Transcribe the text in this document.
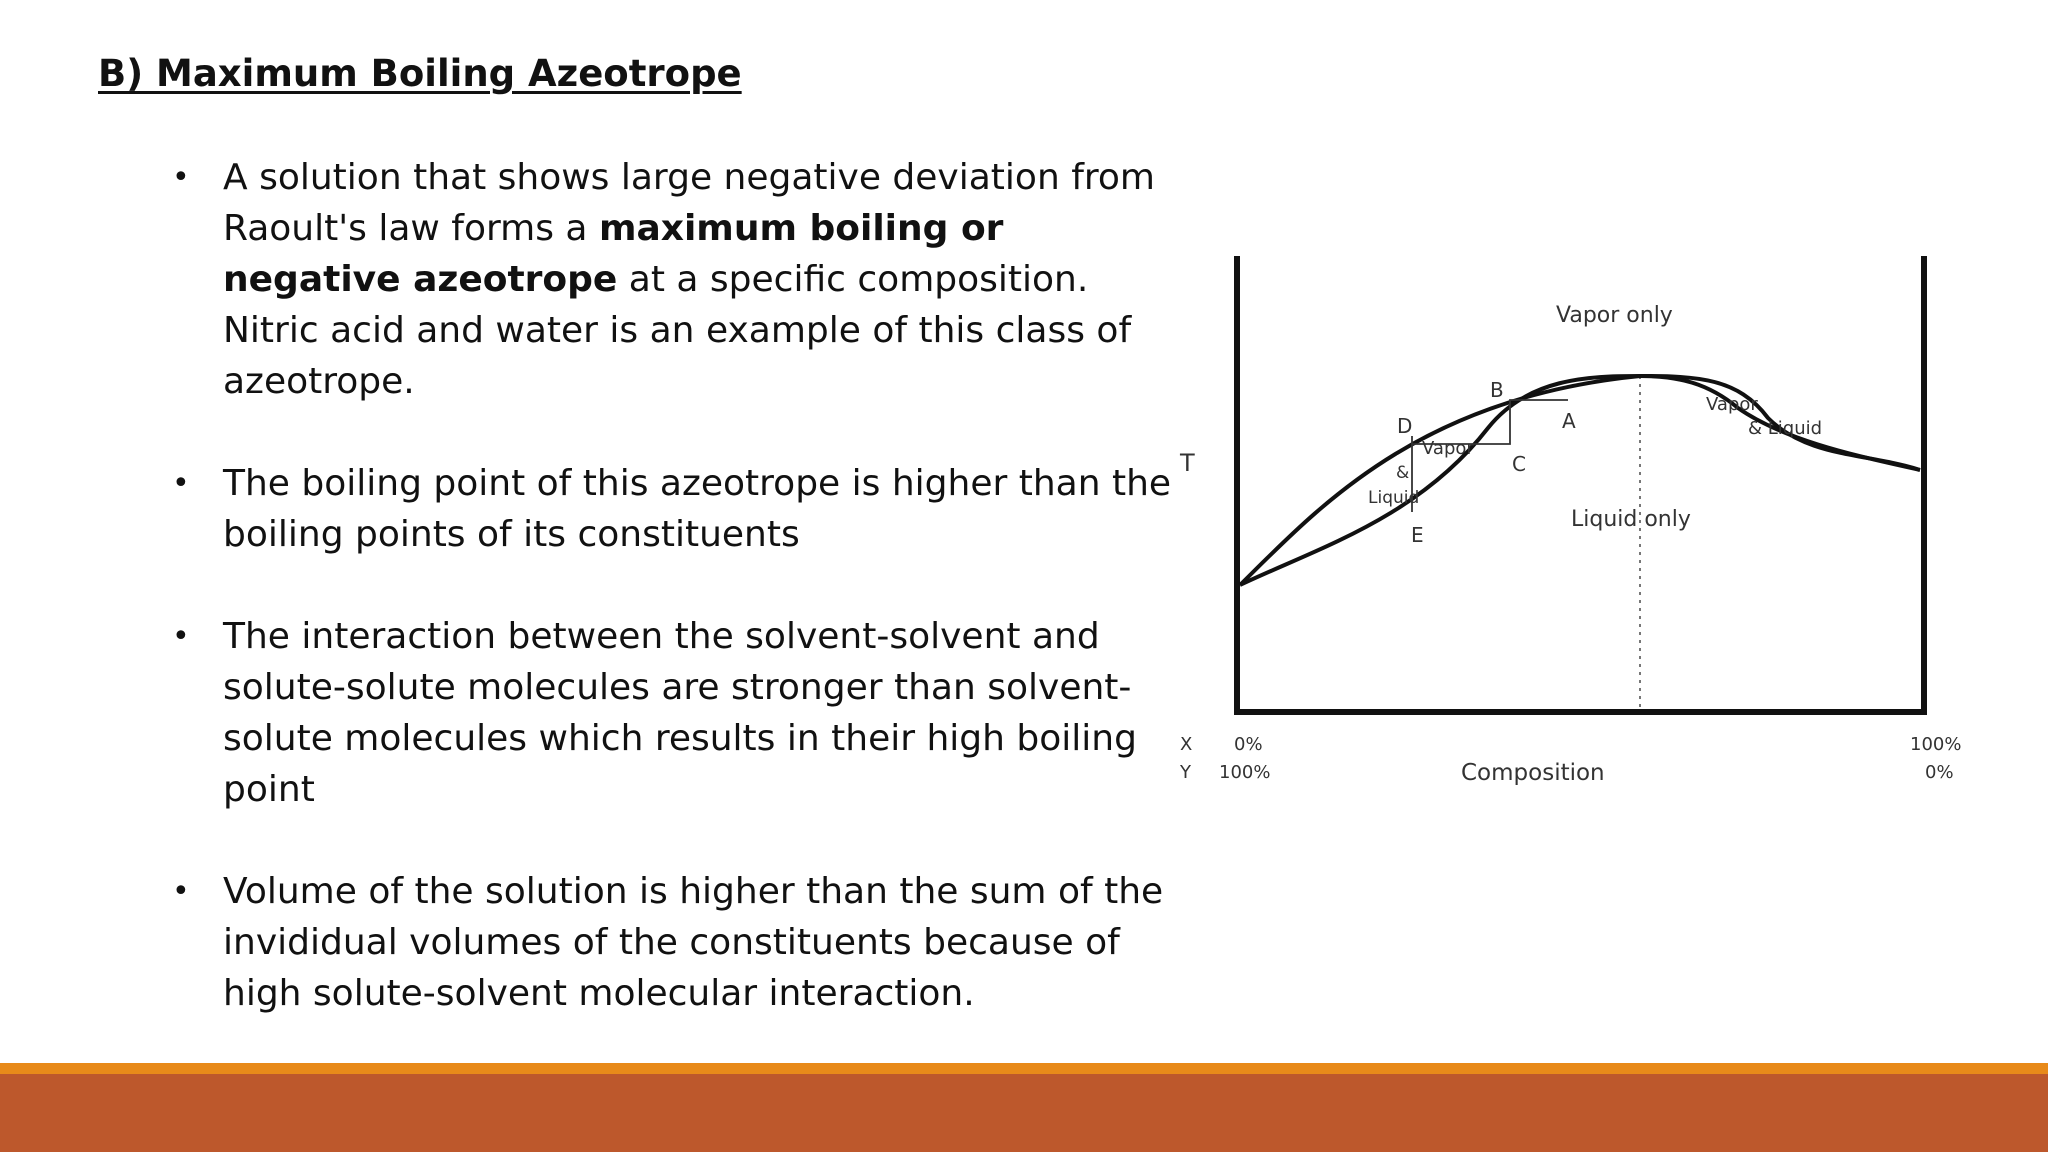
B) Maximum Boiling Azeotrope
• A solution that shows large negative deviation from Raoult's law forms a maximum boiling or negative azeotrope at a specific composition. Nitric acid and water is an example of this class of azeotrope.
• The boiling point of this azeotrope is higher than the boiling points of its constituents
• The interaction between the solvent-solvent and solute-solute molecules are stronger than solvent-solute molecules which results in their high boiling point
• Volume of the solution is higher than the sum of the invididual volumes of the constituents because of high solute-solvent molecular interaction.
Vapor only
Liquid only
Vapor
& Liquid
Vapor
&
Liquid
A
B
C
D
E
T
Composition
X
Y
0%
100%
100%
0%
